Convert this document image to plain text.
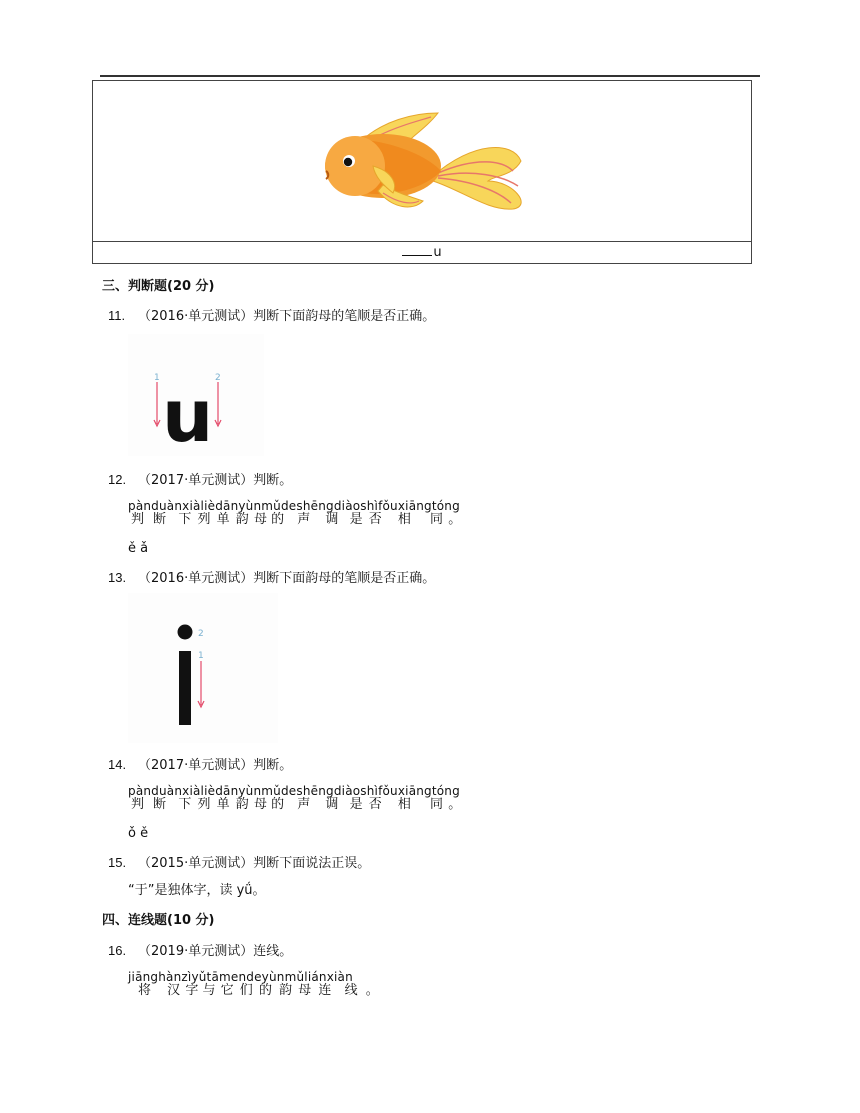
u
三、判断题(20 分)
11. （2016·单元测试）判断下面韵母的笔顺是否正确。
1	2
u
12. （2017·单元测试）判断。
pànduànxiàlièdānyùnmǔdeshēngdiàoshìfǒuxiāngtóng
判 断 下 列 单 韵 母 的 声 调 是 否 相 同 。
ě ǎ
13. （2016·单元测试）判断下面韵母的笔顺是否正确。
2
1
14. （2017·单元测试）判断。
pànduànxiàlièdānyùnmǔdeshēngdiàoshìfǒuxiāngtóng
判 断 下 列 单 韵 母 的 声 调 是 否 相 同 。
ǒ ě
15. （2015·单元测试）判断下面说法正误。
“于”是独体字，读 yǘ。
四、连线题(10 分)
16. （2019·单元测试）连线。
jiānghànzìyǔtāmendeyùnmǔliánxiàn
将 汉 字 与 它 们 的 韵 母 连 线 。
